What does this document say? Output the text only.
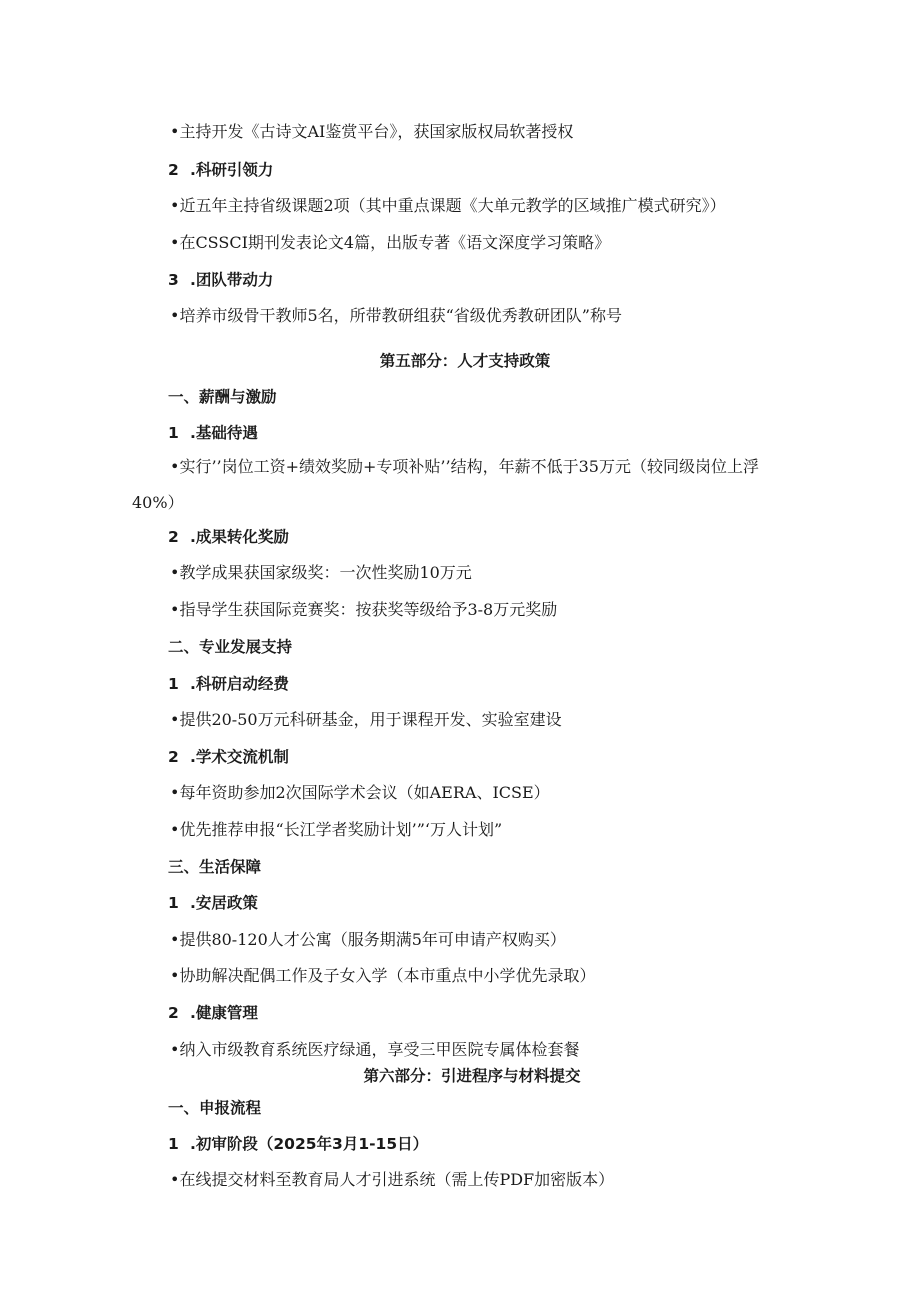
•主持开发《古诗文AI鉴赏平台》，获国家版权局软著授权
2 .科研引领力
•近五年主持省级课题2项（其中重点课题《大单元教学的区域推广模式研究》）
•在CSSCI期刊发表论文4篇，出版专著《语文深度学习策略》
3 .团队带动力
•培养市级骨干教师5名，所带教研组获“省级优秀教研团队”称号
第五部分：人才支持政策
一、薪酬与激励
1 .基础待遇
•实行’’岗位工资+绩效奖励+专项补贴’’结构，年薪不低于35万元（较同级岗位上浮40%）
2 .成果转化奖励
•教学成果获国家级奖：一次性奖励10万元
•指导学生获国际竞赛奖：按获奖等级给予3-8万元奖励
二、专业发展支持
1 .科研启动经费
•提供20-50万元科研基金，用于课程开发、实验室建设
2 .学术交流机制
•每年资助参加2次国际学术会议（如AERA、ICSE）
•优先推荐申报“长江学者奖励计划’”‘万人计划”
三、生活保障
1 .安居政策
•提供80-120人才公寓（服务期满5年可申请产权购买）
•协助解决配偶工作及子女入学（本市重点中小学优先录取）
2 .健康管理
•纳入市级教育系统医疗绿通，享受三甲医院专属体检套餐
第六部分：引进程序与材料提交
一、申报流程
1 .初审阶段（2025年3月1-15日）
•在线提交材料至教育局人才引进系统（需上传PDF加密版本）
